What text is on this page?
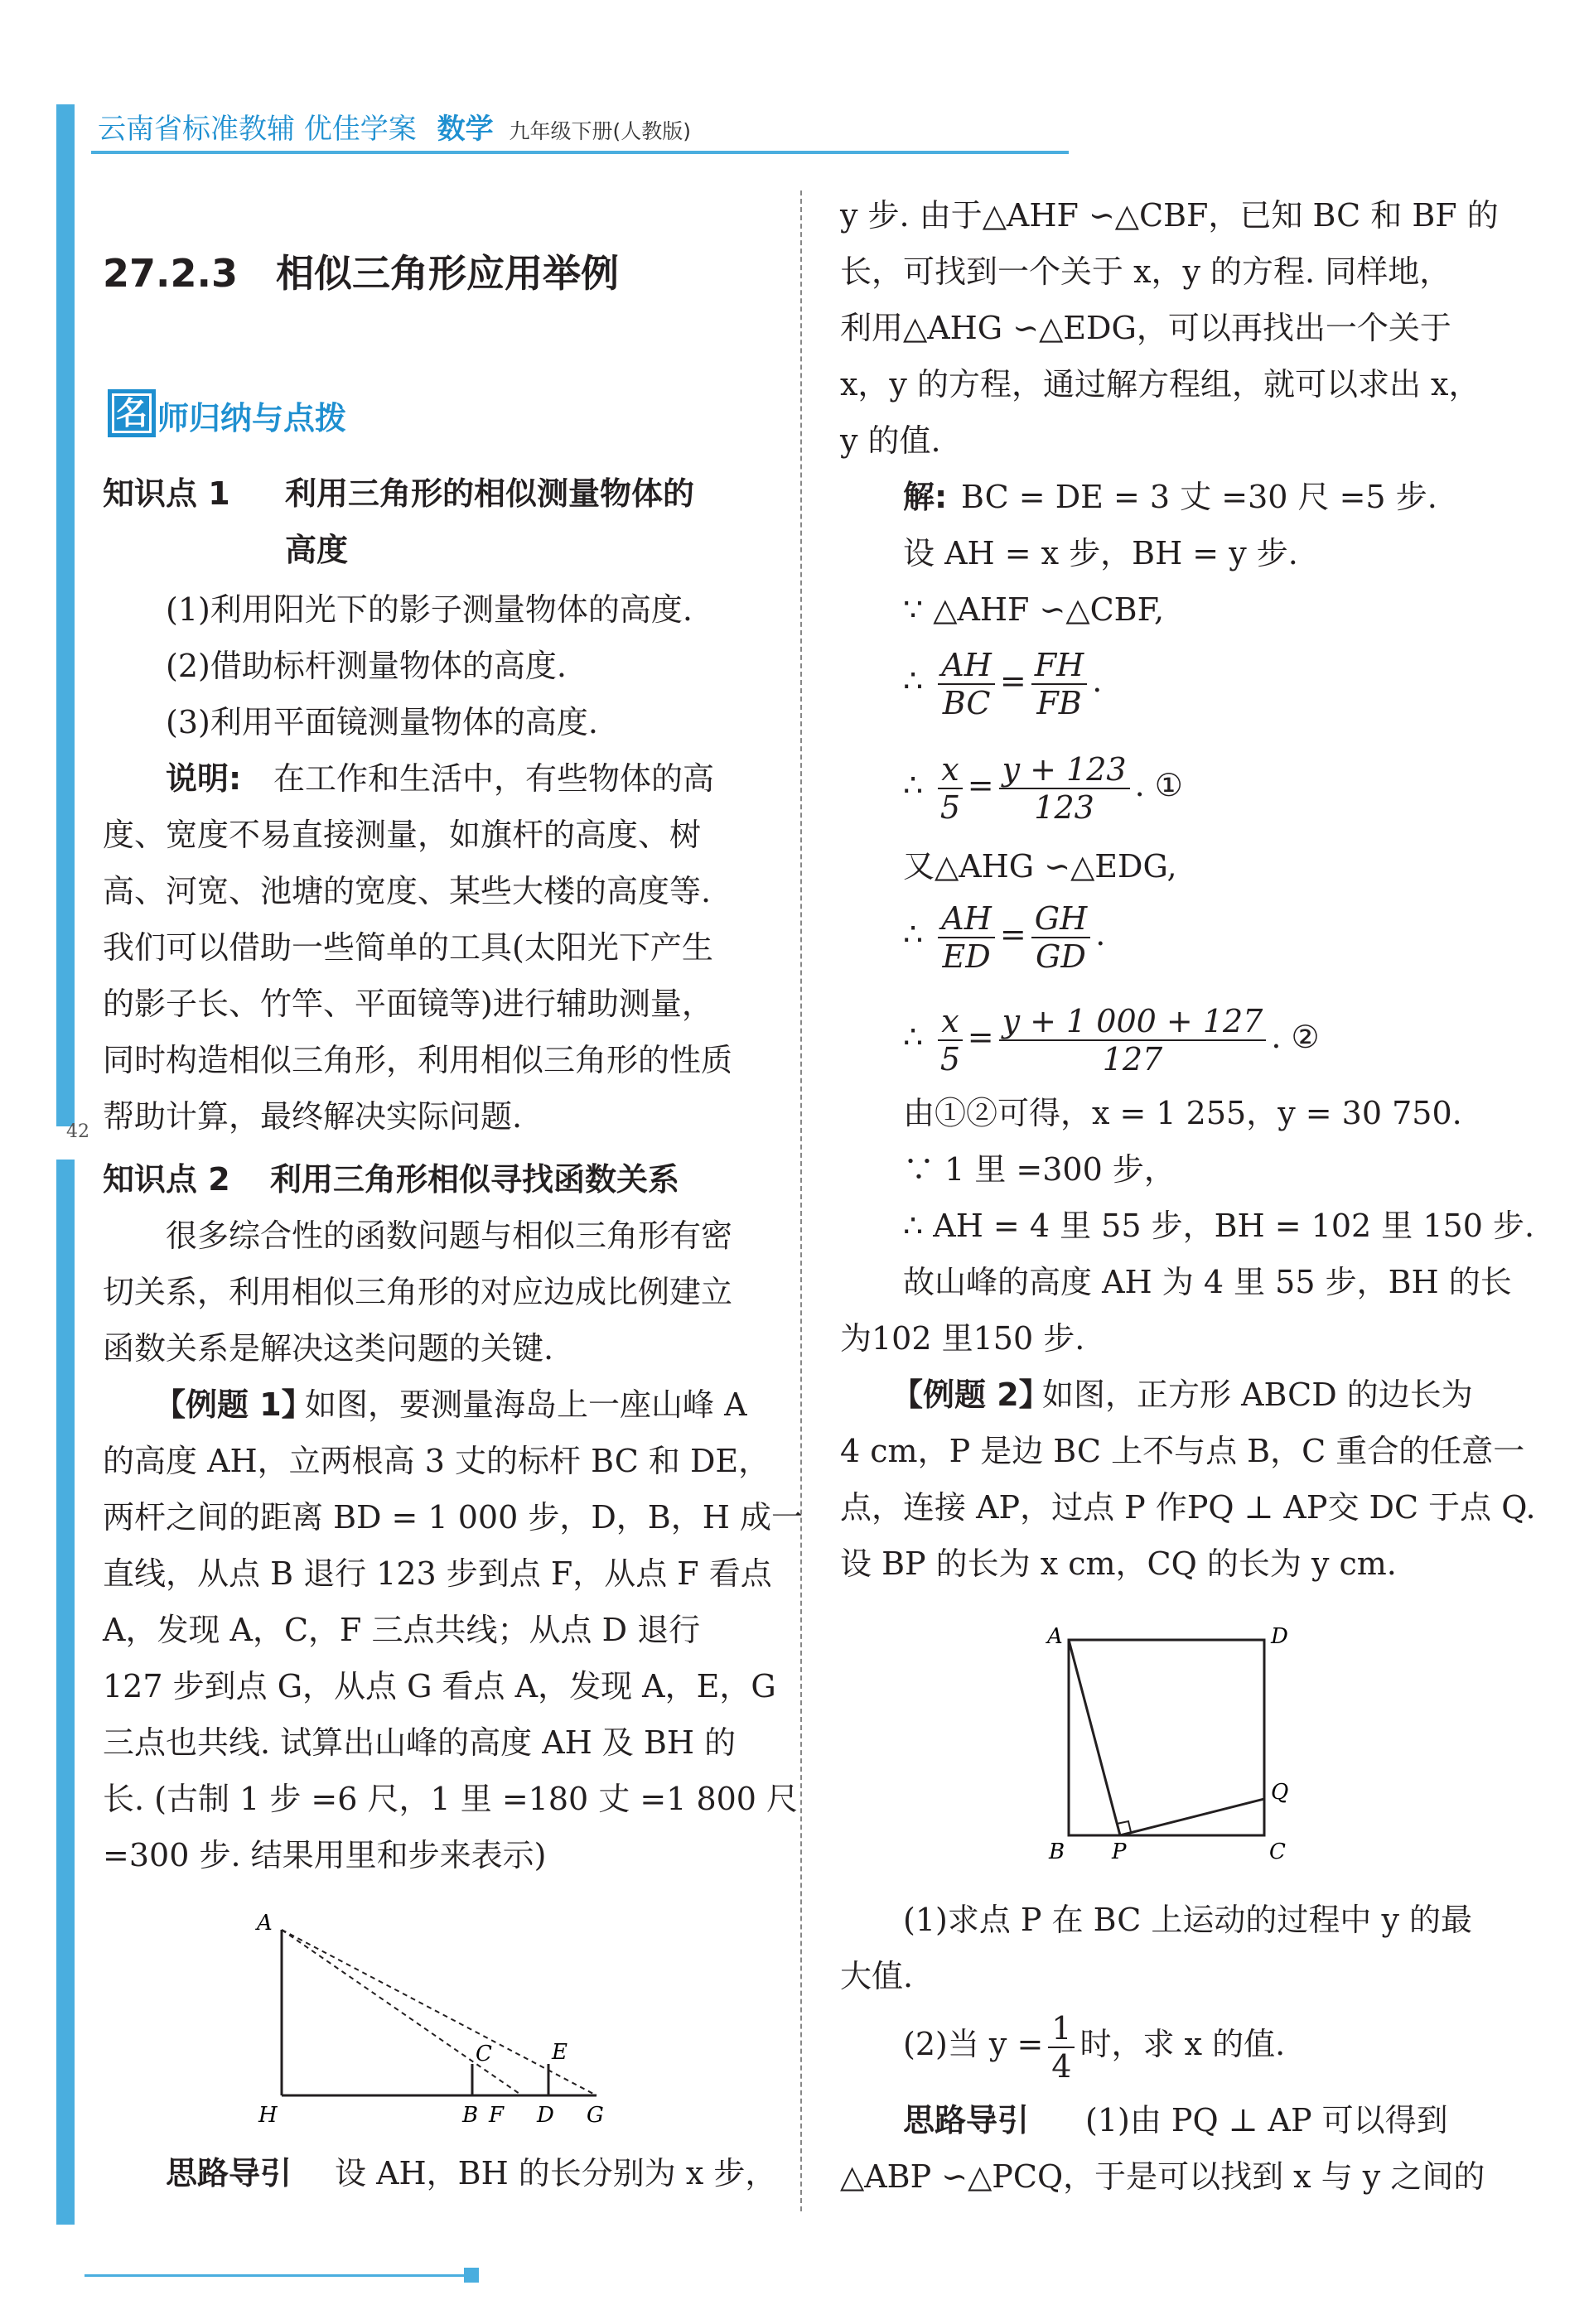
42
云南省标准教辅 优佳学案 数学 九年级下册(人教版)
27.2.3　相似三角形应用举例
名 师归纳与点拨
知识点 1 利用三角形的相似测量物体的
高度
(1)利用阳光下的影子测量物体的高度.
(2)借助标杆测量物体的高度.
(3)利用平面镜测量物体的高度.
说明: 在工作和生活中，有些物体的高
度、宽度不易直接测量，如旗杆的高度、树
高、河宽、池塘的宽度、某些大楼的高度等.
我们可以借助一些简单的工具(太阳光下产生
的影子长、竹竿、平面镜等)进行辅助测量，
同时构造相似三角形，利用相似三角形的性质
帮助计算，最终解决实际问题.
知识点 2 利用三角形相似寻找函数关系
很多综合性的函数问题与相似三角形有密
切关系，利用相似三角形的对应边成比例建立
函数关系是解决这类问题的关键.
【例题 1】
如图，要测量海岛上一座山峰 A
的高度 AH，立两根高 3 丈的标杆 BC 和 DE，
两杆之间的距离 BD = 1 000 步，D，B，H 成一
直线，从点 B 退行 123 步到点 F，从点 F 看点
A，发现 A，C，F 三点共线；从点 D 退行
127 步到点 G，从点 G 看点 A，发现 A，E，G
三点也共线. 试算出山峰的高度 AH 及 BH 的
长. (古制 1 步 =6 尺，1 里 =180 丈 =1 800 尺
=300 步. 结果用里和步来表示)
A
H	B F D G
C	E
思路导引 设 AH，BH 的长分别为 x 步，
y 步. 由于△AHF ∽△CBF，已知 BC 和 BF 的
长，可找到一个关于 x，y 的方程. 同样地，
利用△AHG ∽△EDG，可以再找出一个关于
x，y 的方程，通过解方程组，就可以求出 x，
y 的值.
解: BC = DE = 3 丈 =30 尺 =5 步.
设 AH = x 步，BH = y 步.
∵ △AHF ∽△CBF,
∴ $\frac{AH}{BC} = \frac{FH}{FB}$ .
∴ $\frac{x}{5} = \frac{y + 123}{123}$ . ①
又△AHG ∽△EDG,
∴ $\frac{AH}{ED} = \frac{GH}{GD}$ .
∴ $\frac{x}{5} = \frac{y + 1 000 + 127}{127}$ . ②
由①②可得，x = 1 255，y = 30 750.
∵ 1 里 =300 步，
∴ AH = 4 里 55 步，BH = 102 里 150 步.
故山峰的高度 AH 为 4 里 55 步，BH 的长
为102 里150 步.
【例题 2】
如图，正方形 ABCD 的边长为
4 cm，P 是边 BC 上不与点 B，C 重合的任意一
点，连接 AP，过点 P 作PQ ⊥ AP交 DC 于点 Q.
设 BP 的长为 x cm，CQ 的长为 y cm.
A	D
B P	C
Q
(1)求点 P 在 BC 上运动的过程中 y 的最
大值.
(2)当 $y = \frac{1}{4}$ 时，求 x 的值.
思路导引 (1)由 PQ ⊥ AP 可以得到
△ABP ∽△PCQ，于是可以找到 x 与 y 之间的
